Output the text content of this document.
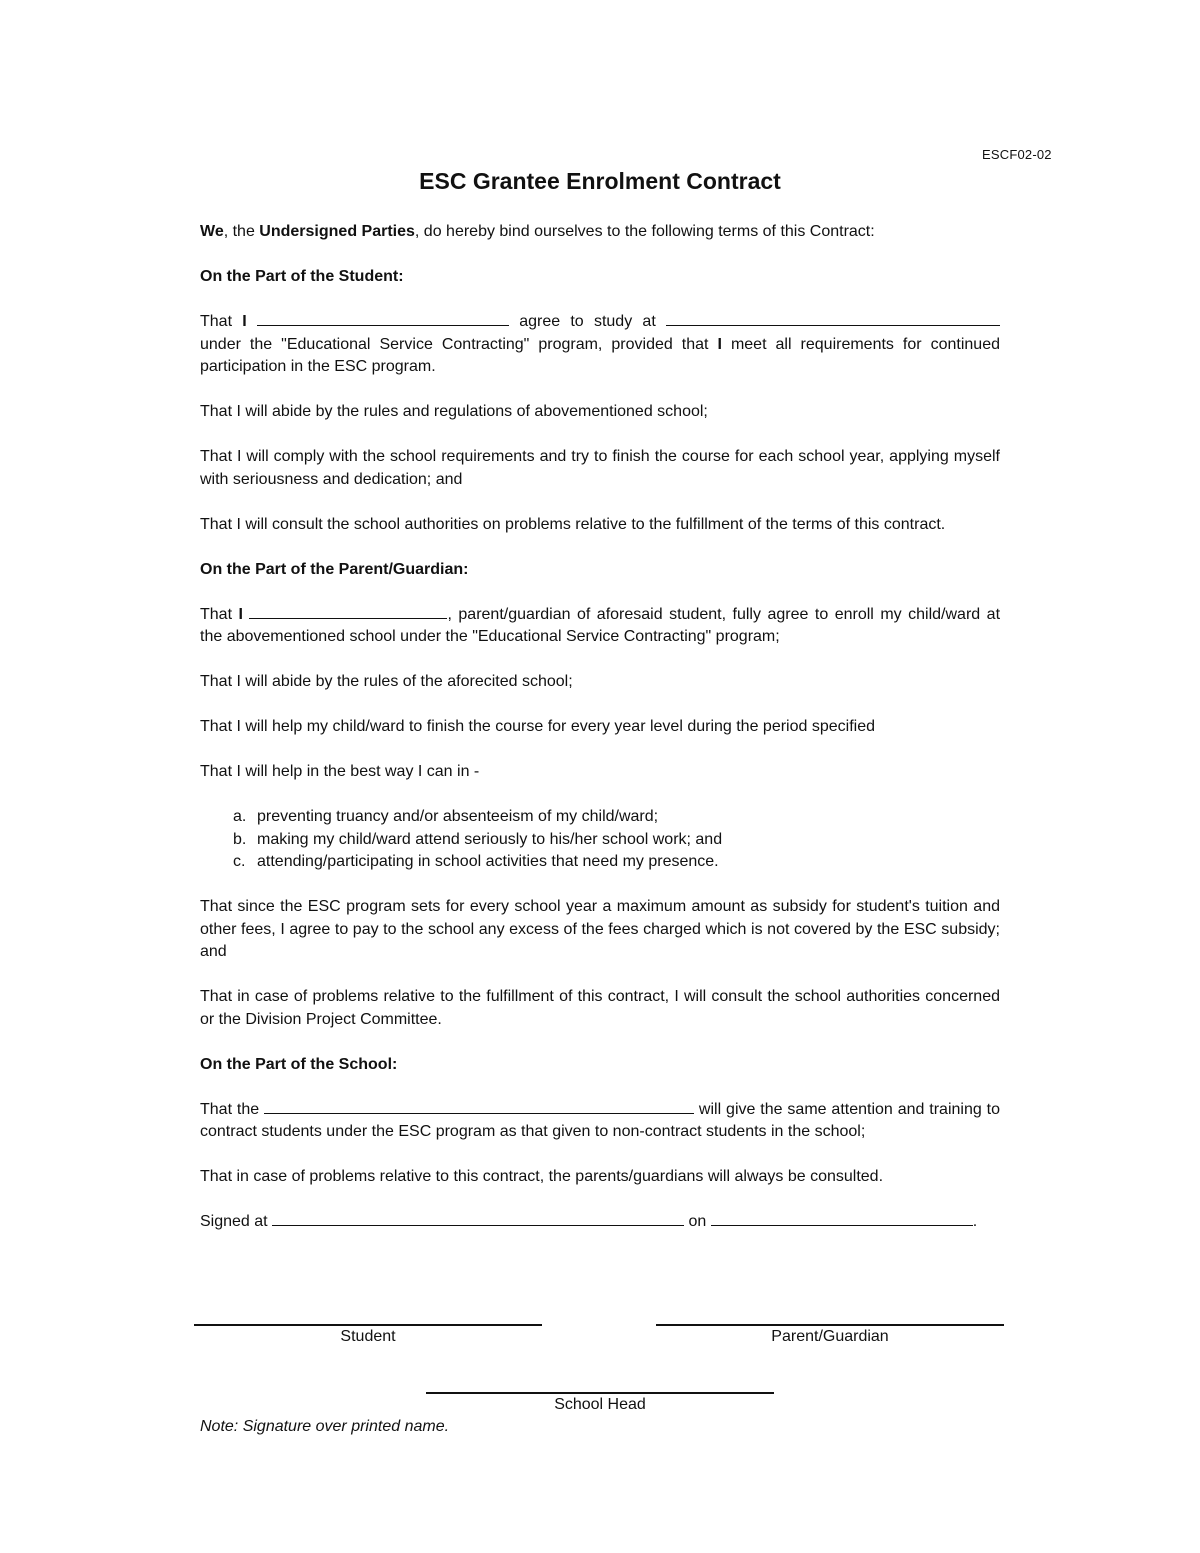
ESCF02-02
ESC Grantee Enrolment Contract

We, the Undersigned Parties, do hereby bind ourselves to the following terms of this Contract:

On the Part of the Student:

That I	agree to study at  under the "Educational Service Contracting" program, provided that I meet all requirements for continued participation in the ESC program.

That I will abide by the rules and regulations of abovementioned school;

That I will comply with the school requirements and try to finish the course for each school year, applying myself with seriousness and dedication; and

That I will consult the school authorities on problems relative to the fulfillment of the terms of this contract.

On the Part of the Parent/Guardian:

That I	, parent/guardian of aforesaid student, fully agree to enroll my child/ward at the abovementioned school under the "Educational Service Contracting" program;

That I will abide by the rules of the aforecited school;

That I will help my child/ward to finish the course for every year level during the period specified

That I will help in the best way I can in -

a. preventing truancy and/or absenteeism of my child/ward;
b. making my child/ward attend seriously to his/her school work; and
c. attending/participating in school activities that need my presence.

That since the ESC program sets for every school year a maximum amount as subsidy for student's tuition and other fees, I agree to pay to the school any excess of the fees charged which is not covered by the ESC subsidy; and

That in case of problems relative to the fulfillment of this contract, I will consult the school authorities concerned or the Division Project Committee.

On the Part of the School:

That the	will give the same attention and training to contract students under the ESC program as that given to non-contract students in the school;

That in case of problems relative to this contract, the parents/guardians will always be consulted.

Signed at	on	.

Student	Parent/Guardian
School Head
Note: Signature over printed name.
